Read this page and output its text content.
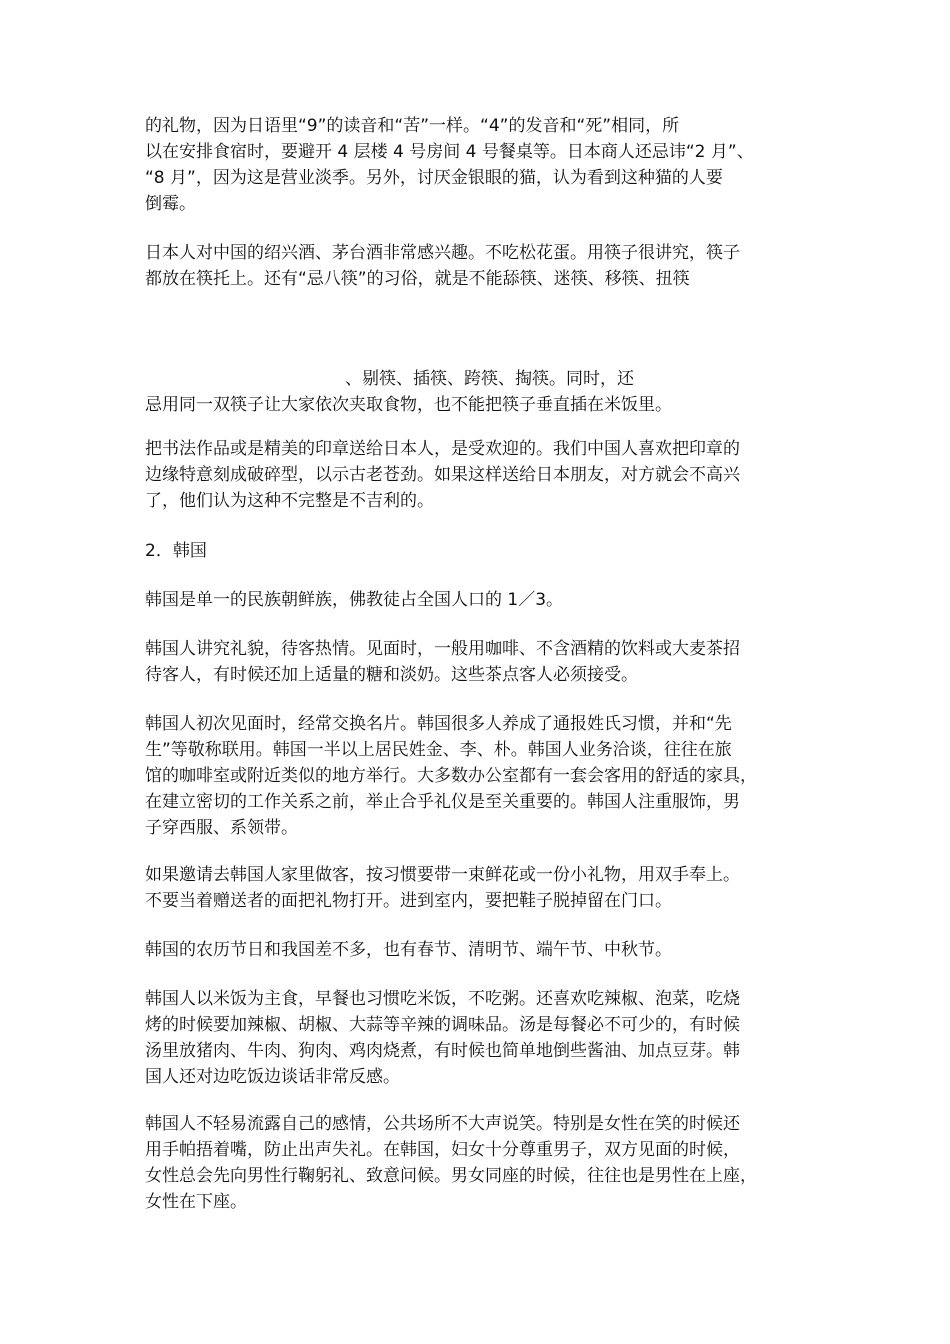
的礼物，因为日语里“9”的读音和“苦”一样。“4”的发音和“死”相同，所
以在安排食宿时，要避开 4 层楼 4 号房间 4 号餐桌等。日本商人还忌讳“2 月”、
“8 月”，因为这是营业淡季。另外，讨厌金银眼的猫，认为看到这种猫的人要
倒霉。
日本人对中国的绍兴酒、茅台酒非常感兴趣。不吃松花蛋。用筷子很讲究，筷子
都放在筷托上。还有“忌八筷”的习俗，就是不能舔筷、迷筷、移筷、扭筷
、剔筷、插筷、跨筷、掏筷。同时，还
忌用同一双筷子让大家依次夹取食物，也不能把筷子垂直插在米饭里。
把书法作品或是精美的印章送给日本人，是受欢迎的。我们中国人喜欢把印章的
边缘特意刻成破碎型，以示古老苍劲。如果这样送给日本朋友，对方就会不高兴
了，他们认为这种不完整是不吉利的。
2．韩国
韩国是单一的民族朝鲜族，佛教徒占全国人口的 1／3。
韩国人讲究礼貌，待客热情。见面时，一般用咖啡、不含酒精的饮料或大麦茶招
待客人，有时候还加上适量的糖和淡奶。这些茶点客人必须接受。
韩国人初次见面时，经常交换名片。韩国很多人养成了通报姓氏习惯，并和“先
生”等敬称联用。韩国一半以上居民姓金、李、朴。韩国人业务洽谈，往往在旅
馆的咖啡室或附近类似的地方举行。大多数办公室都有一套会客用的舒适的家具，
在建立密切的工作关系之前，举止合乎礼仪是至关重要的。韩国人注重服饰，男
子穿西服、系领带。
如果邀请去韩国人家里做客，按习惯要带一束鲜花或一份小礼物，用双手奉上。
不要当着赠送者的面把礼物打开。进到室内，要把鞋子脱掉留在门口。
韩国的农历节日和我国差不多，也有春节、清明节、端午节、中秋节。
韩国人以米饭为主食，早餐也习惯吃米饭，不吃粥。还喜欢吃辣椒、泡菜，吃烧
烤的时候要加辣椒、胡椒、大蒜等辛辣的调味品。汤是每餐必不可少的，有时候
汤里放猪肉、牛肉、狗肉、鸡肉烧煮，有时候也简单地倒些酱油、加点豆芽。韩
国人还对边吃饭边谈话非常反感。
韩国人不轻易流露自己的感情，公共场所不大声说笑。特别是女性在笑的时候还
用手帕捂着嘴，防止出声失礼。在韩国，妇女十分尊重男子，双方见面的时候，
女性总会先向男性行鞠躬礼、致意问候。男女同座的时候，往往也是男性在上座，
女性在下座。
